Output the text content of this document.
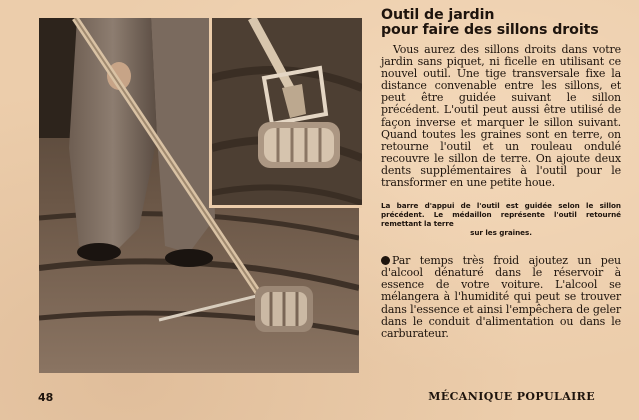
Outil de jardin
pour faire des sillons droits

Vous aurez des sillons droits dans votre jardin sans piquet, ni ficelle en utilisant ce nouvel outil. Une tige transversale fixe la distance convenable entre les sillons, et peut être guidée suivant le sillon précédent. L'outil peut aussi être utilisé de façon inverse et marquer le sillon suivant. Quand toutes les graines sont en terre, on retourne l'outil et un rouleau ondulé recouvre le sillon de terre. On ajoute deux dents supplémentaires à l'outil pour le transformer en une petite houe.

La barre d'appui de l'outil est guidée selon le sillon précédent. Le médaillon représente l'outil retourné remettant la terre
sur les graines.

Par temps très froid ajoutez un peu d'alcool dénaturé dans le réservoir à essence de votre voiture. L'alcool se mélangera à l'humidité qui peut se trouver dans l'essence et ainsi l'empêchera de geler dans le conduit d'alimentation ou dans le carburateur.

48	MÉCANIQUE POPULAIRE
